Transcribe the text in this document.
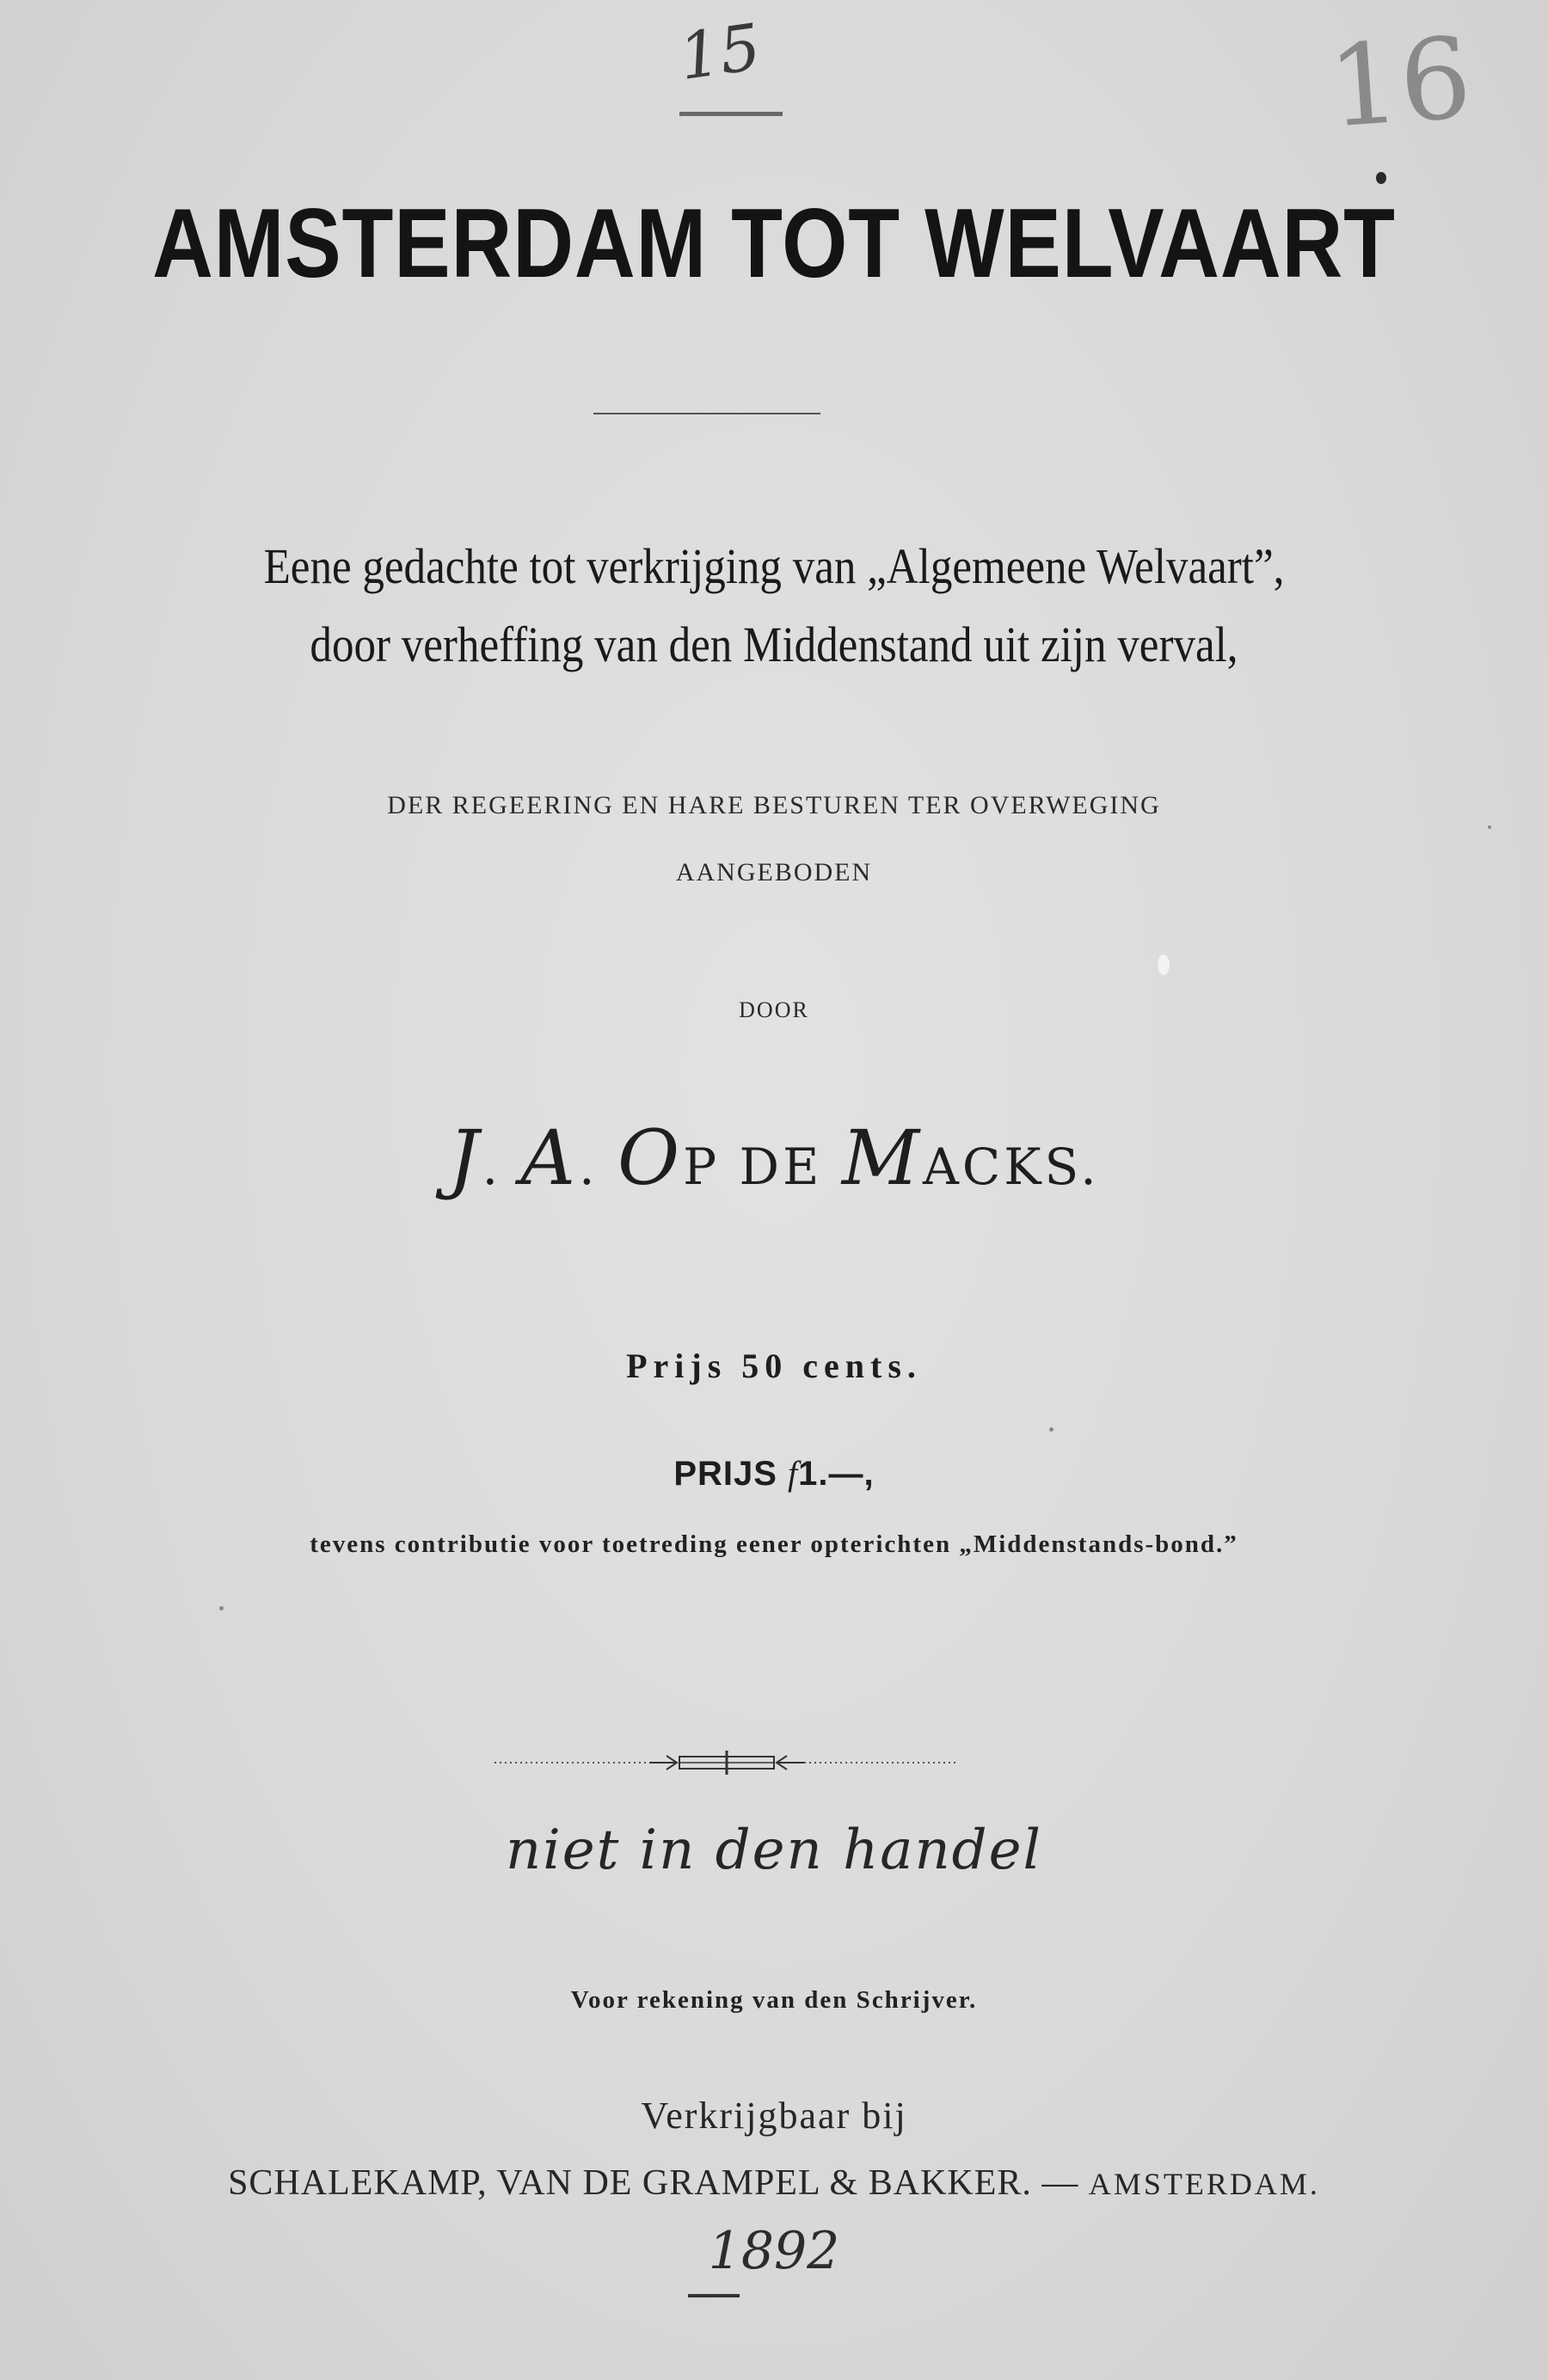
15	16
AMSTERDAM TOT WELVAART
Eene gedachte tot verkrijging van „Algemeene Welvaart”,
door verheffing van den Middenstand uit zijn verval,
DER REGEERING EN HARE BESTUREN TER OVERWEGING
AANGEBODEN
DOOR
J. A. OP DE MACKS.
Prijs 50 cents.
PRIJS f1.—,
tevens contributie voor toetreding eener opterichten „Middenstands-bond.”
niet in den handel
Voor rekening van den Schrijver.
Verkrijgbaar bij
SCHALEKAMP, VAN DE GRAMPEL & BAKKER. — AMSTERDAM.
1892
